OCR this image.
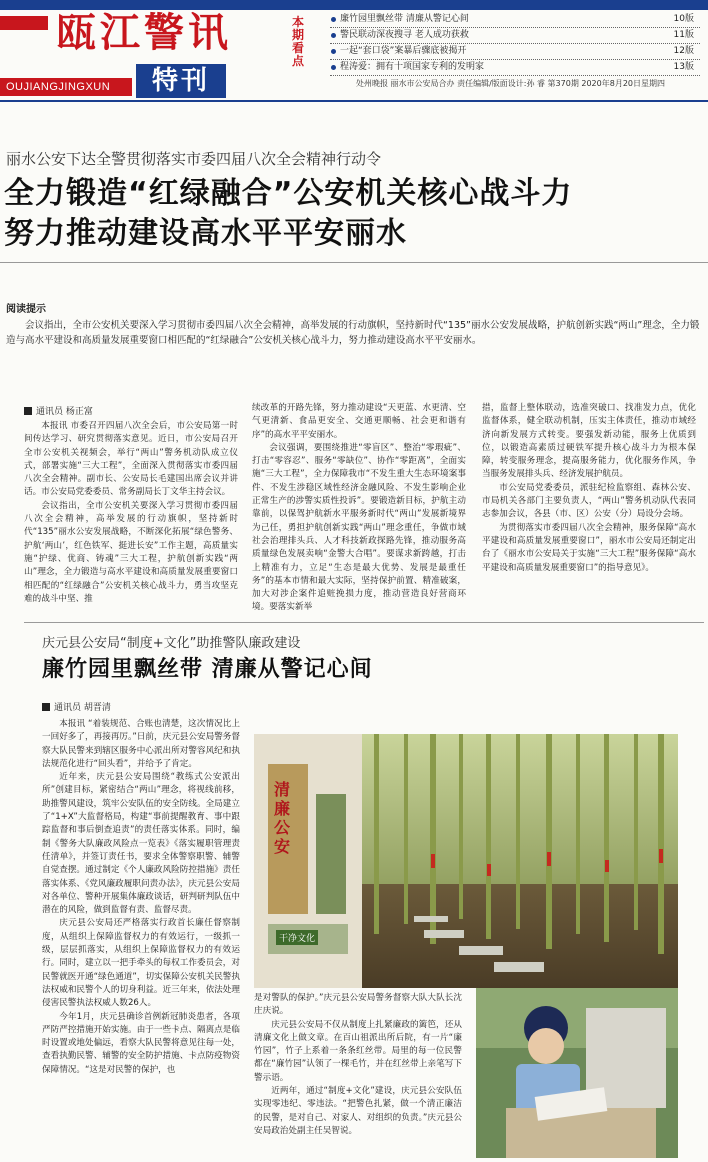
瓯江警讯
OUJIANGJINGXUN	特刊
本期看点
廉竹园里飘丝带 清廉从警记心间	10版
警民联动深夜搜寻 老人成功获救	11版
一起“套口袋”案暴后骤底被揭开	12版
程涛爱：拥有十项国家专利的发明家	13版
处州晚报 丽水市公安局合办 责任编辑/版面设计:孙 睿 第370期 2020年8月20日星期四
丽水公安下达全警贯彻落实市委四届八次全会精神行动令
全力锻造“红绿融合”公安机关核心战斗力
努力推动建设高水平平安丽水
阅读提示
会议指出，全市公安机关要深入学习贯彻市委四届八次全会精神，高举发展的行动旗帜，坚持新时代“135”丽水公安发展战略，护航创新实践“两山”理念，全力锻造与高水平建设和高质量发展重要窗口相匹配的“红绿融合”公安机关核心战斗力，努力推动建设高水平平安丽水。
通讯员 杨正富

本报讯 市委召开四届八次全会后，市公安局第一时间传达学习、研究贯彻落实意见。近日，市公安局召开全市公安机关视频会，举行“两山”警务机动队成立仪式，部署实施“三大工程”，全面深入贯彻落实市委四届八次全会精神。副市长、公安局长毛建国出席会议并讲话。市公安局党委委员、常务副局长丁文华主持会议。

会议指出，全市公安机关要深入学习贯彻市委四届八次全会精神，高举发展的行动旗帜，坚持新时代“135”丽水公安发展战略，不断深化拓展“绿色警务、护航‘两山’，红色铁军、挺进长安”工作主题，高质量实施“护绿、优商、铸魂”三大工程，护航创新实践“两山”理念，全力锻造与高水平建设和高质量发展重要窗口相匹配的“红绿融合”公安机关核心战斗力，勇当攻坚克难的战斗中坚、推

续改革的开路先锋，努力推动建设“天更蓝、水更清、空气更清新、食品更安全、交通更顺畅、社会更和谐有序”的高水平平安丽水。

会议强调，要围绕推进“零盲区”、整治“零瑕疵”、打击“零容忍”、服务“零缺位”、协作“零距离”，全面实施“三大工程”，全力保障我市“不发生重大生态环境案事件、不发生涉稳区域性经济金融风险、不发生影响企业正常生产的涉警实质性投诉”。要锻造新目标，护航主动靠前，以保驾护航新水平服务新时代“两山”发展新境界为己任，勇担护航创新实践“两山”理念重任，争做市域社会治理排头兵、人才科技新政探路先锋，推动服务高质量绿色发展卖响“金警大合唱”。要谋求新跨越，打击上精准有力，立足“生态是最大优势、发展是最重任务”的基本市情和最大实际，坚持保护前置、精准破案，加大对涉企案件追赃挽损力度，推动营造良好营商环境。要落实新举

措，监督上整体联动，选准突破口、找准发力点，优化监督体系，健全联动机制，压实主体责任，推动市域经济向新发展方式转变。要强发新动能，服务上优质到位，以锻造高素质过硬铁军提升核心战斗力为根本保障，转变服务理念，提高服务能力，优化服务作风，争当服务发展排头兵、经济发展护航员。

市公安局党委委员，派驻纪检监察组、森林公安、市局机关各部门主要负责人，“两山”警务机动队代表同志参加会议，各县（市、区）公安（分）局设分会场。

为贯彻落实市委四届八次全会精神，服务保障“高水平建设和高质量发展重要窗口”，丽水市公安局还制定出台了《丽水市公安局关于实施“三大工程”服务保障“高水平建设和高质量发展重要窗口”的指导意见》。

庆元县公安局“制度+文化”助推警队廉政建设
廉竹园里飘丝带 清廉从警记心间
通讯员 胡晋清

本报讯 “着装规范、合账也清楚，这次情况比上一回好多了，再接再厉。”日前，庆元县公安局警务督察大队民警来到辖区服务中心派出所对警容风纪和执法规范化进行“回头看”，并给予了肯定。

近年来，庆元县公安局围绕“教练式公安派出所”创建目标，紧密结合“两山”理念，将视线前移，助推警风建设，筑牢公安队伍的安全防线。全局建立了“1+X”大监督格局，构建“事前提醒教育、事中跟踪监督和事后倒查追责”的责任落实体系。同时，编制《警务大队廉政风险点一览表》《落实履职管理责任清单》，并签订责任书，要求全体警察职警、辅警自觉查摆。通过制定《个人廉政风险防控措施》责任落实体系、《党风廉政履职问责办法》，庆元县公安局对各单位、警种开展集体廉政谈话，研判研判队伍中潜在的风险，做到监督有责、监督尽责。

庆元县公安局还严格落实行政首长廉任督察制度，从组织上保障监督权力的有效运行，一级抓一级，层层抓落实，从组织上保障监督权力的有效运行。同时，建立以一把手牵头的每权工作委员会，对民警就医开通“绿色通道”，切实保障公安机关民警执法权威和民警个人的切身利益。近三年来，依法处理侵害民警执法权威人数26人。

今年1月，庆元县确诊首例新冠肺炎患者，各项严防严控措施开始实施。由于一些卡点、隔离点是临时设置或地处偏远，看察大队民警将意见往每一处，查看执勤民警、辅警的安全防护措施、卡点防疫物资保障情况。“这是对民警的保护，也

清廉公安
干净文化

是对警队的保护。”庆元县公安局警务督察大队大队长沈庄庆说。

庆元县公安局不仅从制度上扎紧廉政的篱笆，还从清廉文化上做文章。在百山祖派出所后院，有一片“廉竹园”，竹子上系着一条条红丝带。局里的每一位民警都在“廉竹园”认领了一棵毛竹，并在红丝带上亲笔写下警示语。

近两年，通过“制度+文化”建设，庆元县公安队伍实现零违纪、零违法。“把警色扎紧，做一个清正廉洁的民警，是对自己、对家人、对组织的负责。”庆元县公安局政治处副主任吴智说。
